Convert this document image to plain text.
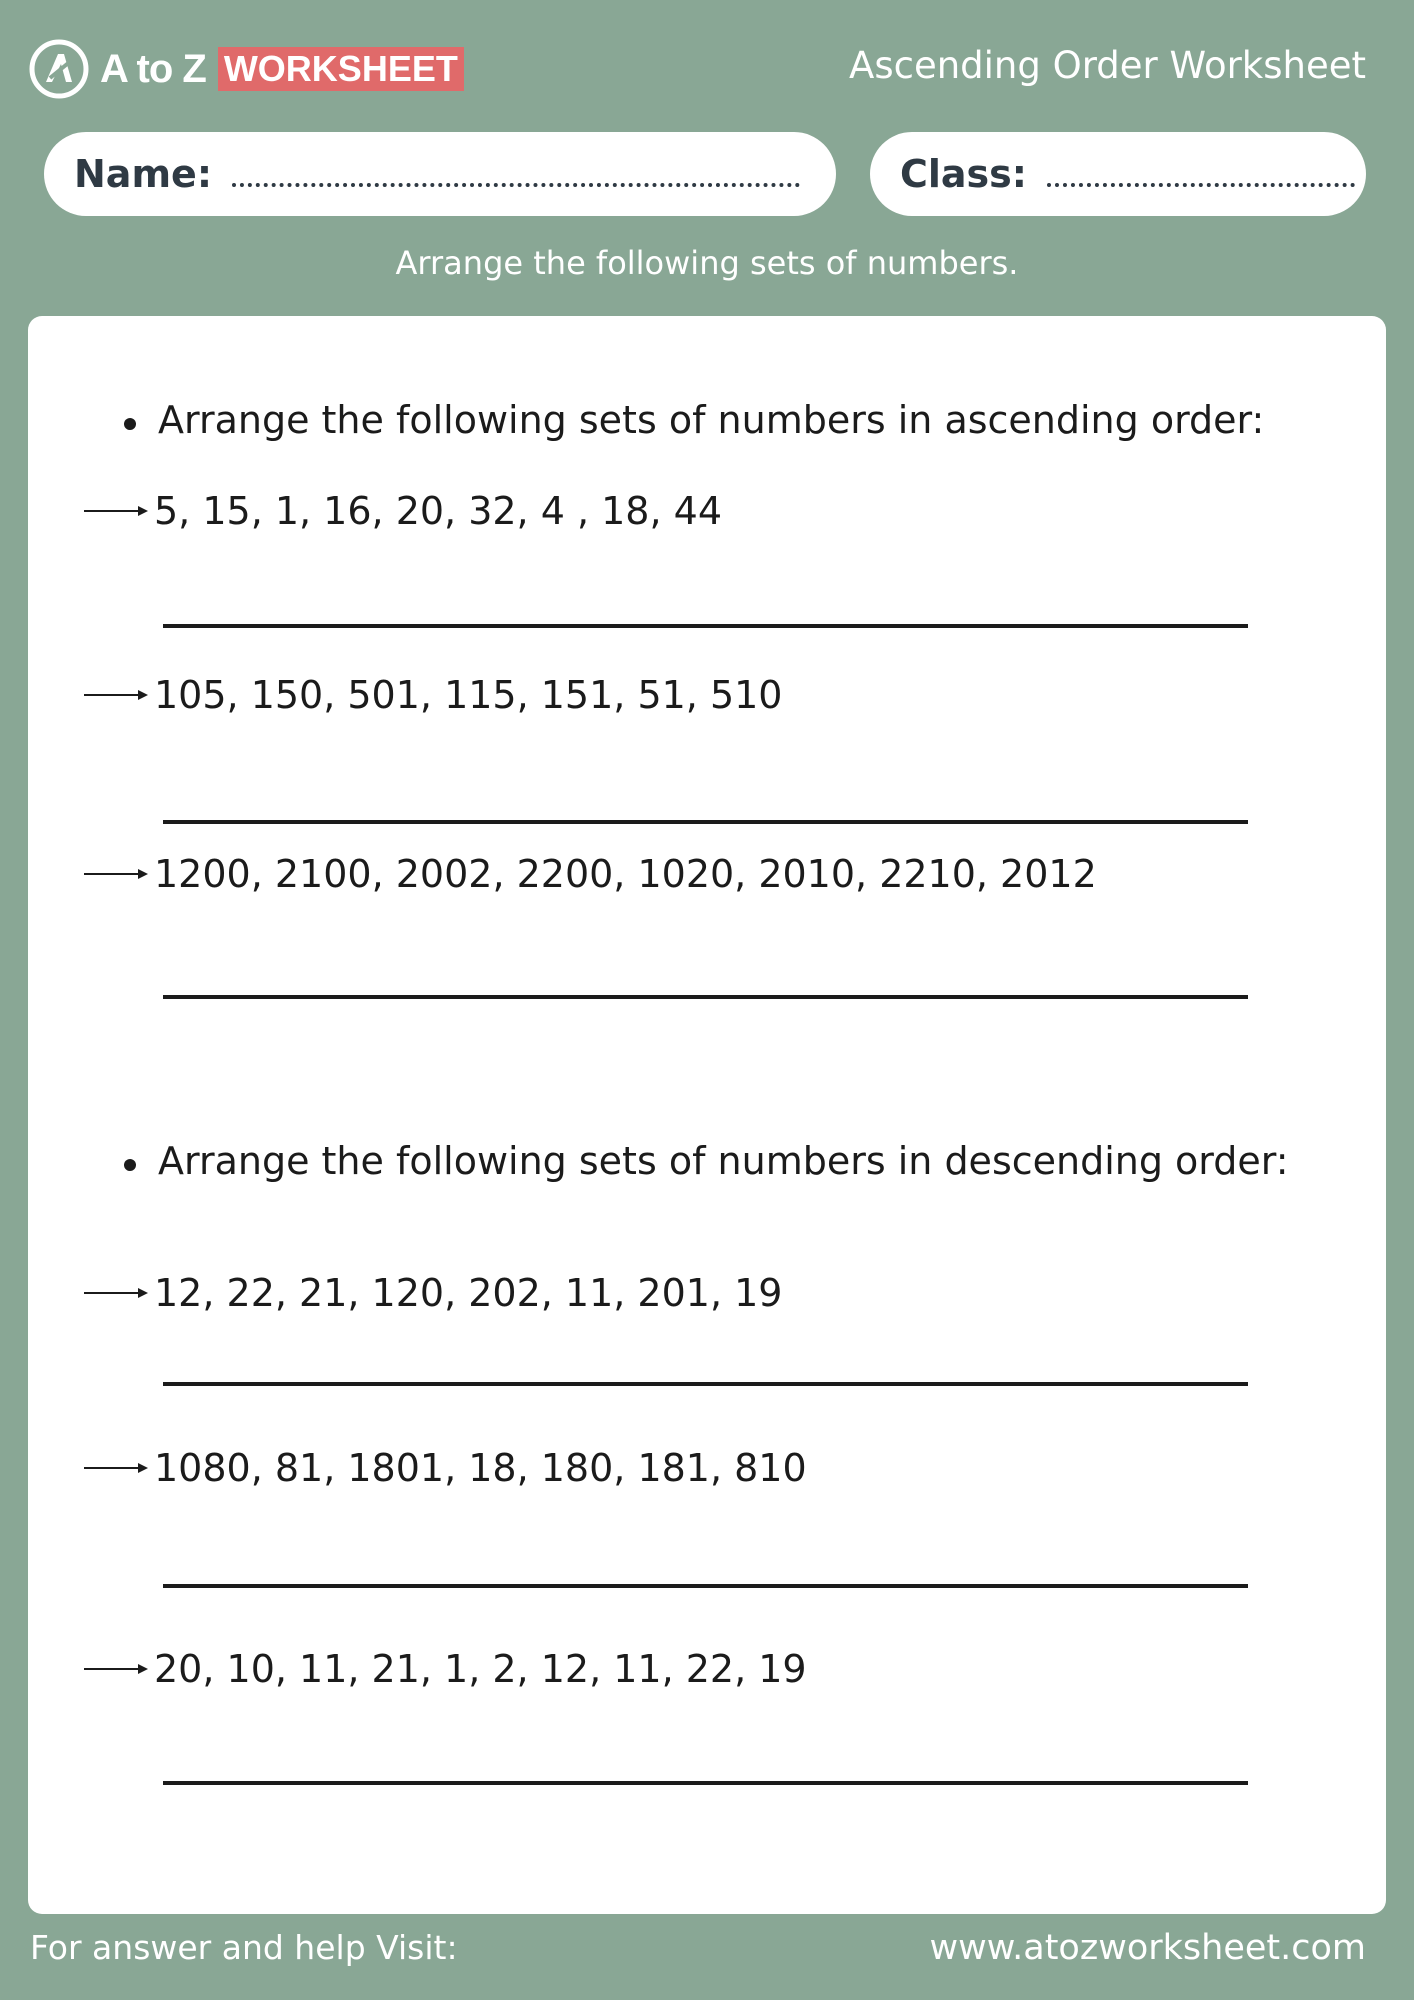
A to Z WORKSHEET	Ascending Order Worksheet
Name:	Class:
Arrange the following sets of numbers.
Arrange the following sets of numbers in ascending order:
5, 15, 1, 16, 20, 32, 4 , 18, 44
105, 150, 501, 115, 151, 51, 510
1200, 2100, 2002, 2200, 1020, 2010, 2210, 2012
Arrange the following sets of numbers in descending order:
12, 22, 21, 120, 202, 11, 201, 19
1080, 81, 1801, 18, 180, 181, 810
20, 10, 11, 21, 1, 2, 12, 11, 22, 19
For answer and help Visit:	www.atozworksheet.com
